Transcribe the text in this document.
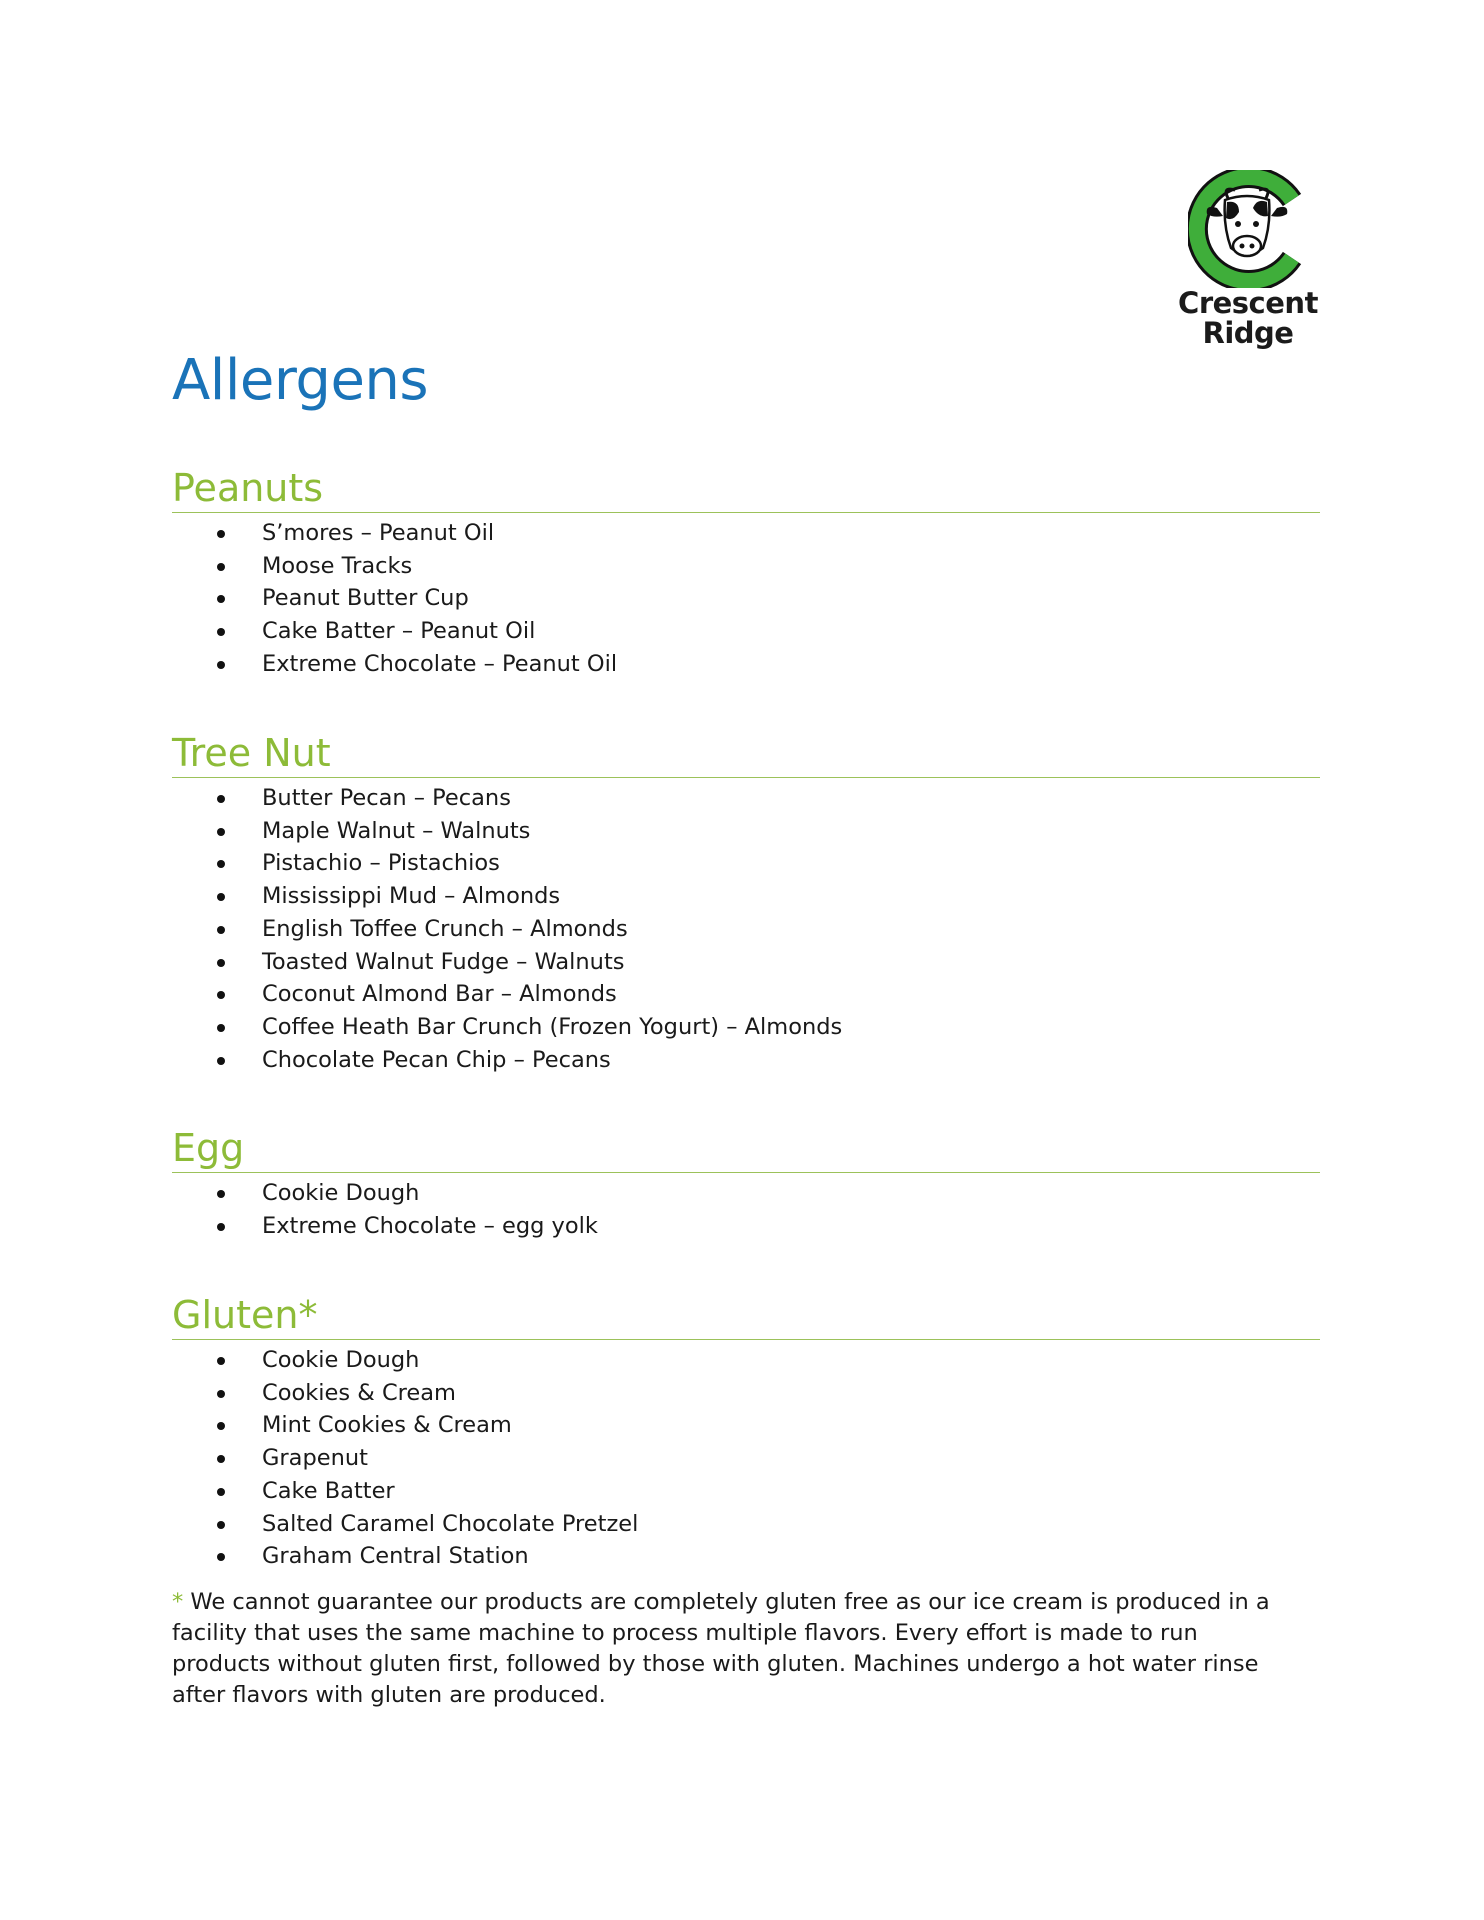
Crescent
Ridge
Allergens
Peanuts
S’mores – Peanut Oil
Moose Tracks
Peanut Butter Cup
Cake Batter – Peanut Oil
Extreme Chocolate – Peanut Oil
Tree Nut
Butter Pecan – Pecans
Maple Walnut – Walnuts
Pistachio – Pistachios
Mississippi Mud – Almonds
English Toffee Crunch – Almonds
Toasted Walnut Fudge – Walnuts
Coconut Almond Bar – Almonds
Coffee Heath Bar Crunch (Frozen Yogurt) – Almonds
Chocolate Pecan Chip – Pecans
Egg
Cookie Dough
Extreme Chocolate – egg yolk
Gluten*
Cookie Dough
Cookies & Cream
Mint Cookies & Cream
Grapenut
Cake Batter
Salted Caramel Chocolate Pretzel
Graham Central Station

* We cannot guarantee our products are completely gluten free as our ice cream is produced in a facility that uses the same machine to process multiple flavors. Every effort is made to run products without gluten first, followed by those with gluten. Machines undergo a hot water rinse after flavors with gluten are produced.
